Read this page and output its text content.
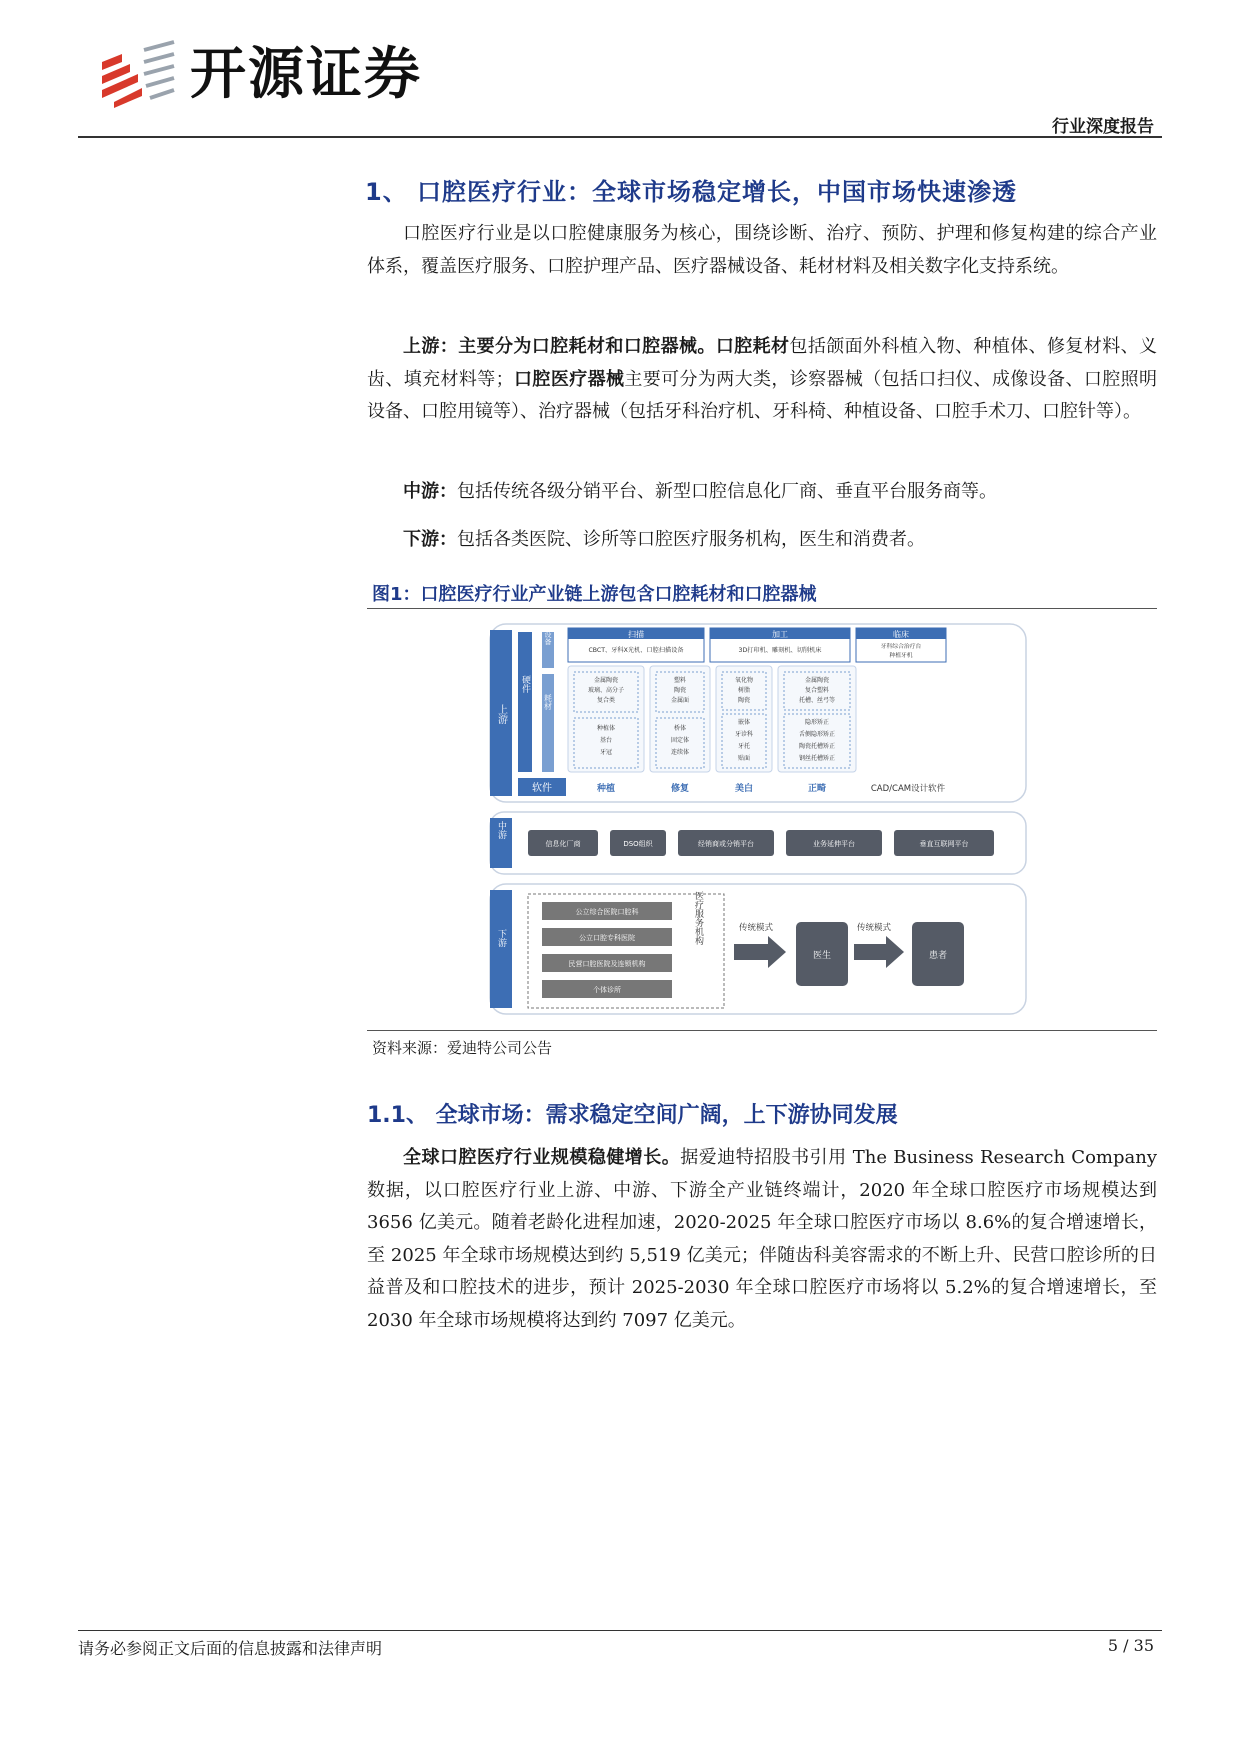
开源证券
行业深度报告
1、 口腔医疗行业：全球市场稳定增长，中国市场快速渗透

口腔医疗行业是以口腔健康服务为核心，围绕诊断、治疗、预防、护理和修复构建的综合产业体系，覆盖医疗服务、口腔护理产品、医疗器械设备、耗材材料及相关数字化支持系统。

上游：主要分为口腔耗材和口腔器械。口腔耗材包括颌面外科植入物、种植体、修复材料、义齿、填充材料等；口腔医疗器械主要可分为两大类，诊察器械（包括口扫仪、成像设备、口腔照明设备、口腔用镜等）、治疗器械（包括牙科治疗机、牙科椅、种植设备、口腔手术刀、口腔针等）。

中游：包括传统各级分销平台、新型口腔信息化厂商、垂直平台服务商等。

下游：包括各类医院、诊所等口腔医疗服务机构，医生和消费者。

图1：口腔医疗行业产业链上游包含口腔耗材和口腔器械
上游
硬件
设备
耗材
软件
扫描
CBCT、牙科X光机、口腔扫描设备
加工
3D打印机、雕刻机、切削机床
临床
牙科综合治疗台
种植牙机
金属陶瓷
玻璃、高分子
复合类
种植体
基台
牙冠
塑料
陶瓷
金属面
桥体
固定体
连续体
氧化物
树脂
陶瓷
嵌体
牙诊科
牙托
贴面
金属陶瓷
复合塑料
托槽、丝弓等
隐形矫正
舌侧隐形矫正
陶瓷托槽矫正
钢丝托槽矫正
种植	修复	美白	正畸	CAD/CAM设计软件
中游
信息化厂商	DSO组织	经销商或分销平台	业务延伸平台	垂直互联网平台
下游
公立综合医院口腔科
公立口腔专科医院
民营口腔医院及连锁机构
个体诊所
医疗服务机构	传统模式
医生
传统模式
患者
资料来源：爱迪特公司公告
1.1、 全球市场：需求稳定空间广阔，上下游协同发展

全球口腔医疗行业规模稳健增长。据爱迪特招股书引用 The Business Research Company 数据，以口腔医疗行业上游、中游、下游全产业链终端计，2020 年全球口腔医疗市场规模达到 3656 亿美元。随着老龄化进程加速，2020-2025 年全球口腔医疗市场以 8.6%的复合增速增长，至 2025 年全球市场规模达到约 5,519 亿美元；伴随齿科美容需求的不断上升、民营口腔诊所的日益普及和口腔技术的进步，预计 2025-2030 年全球口腔医疗市场将以 5.2%的复合增速增长，至 2030 年全球市场规模将达到约 7097 亿美元。

请务必参阅正文后面的信息披露和法律声明	5 / 35
